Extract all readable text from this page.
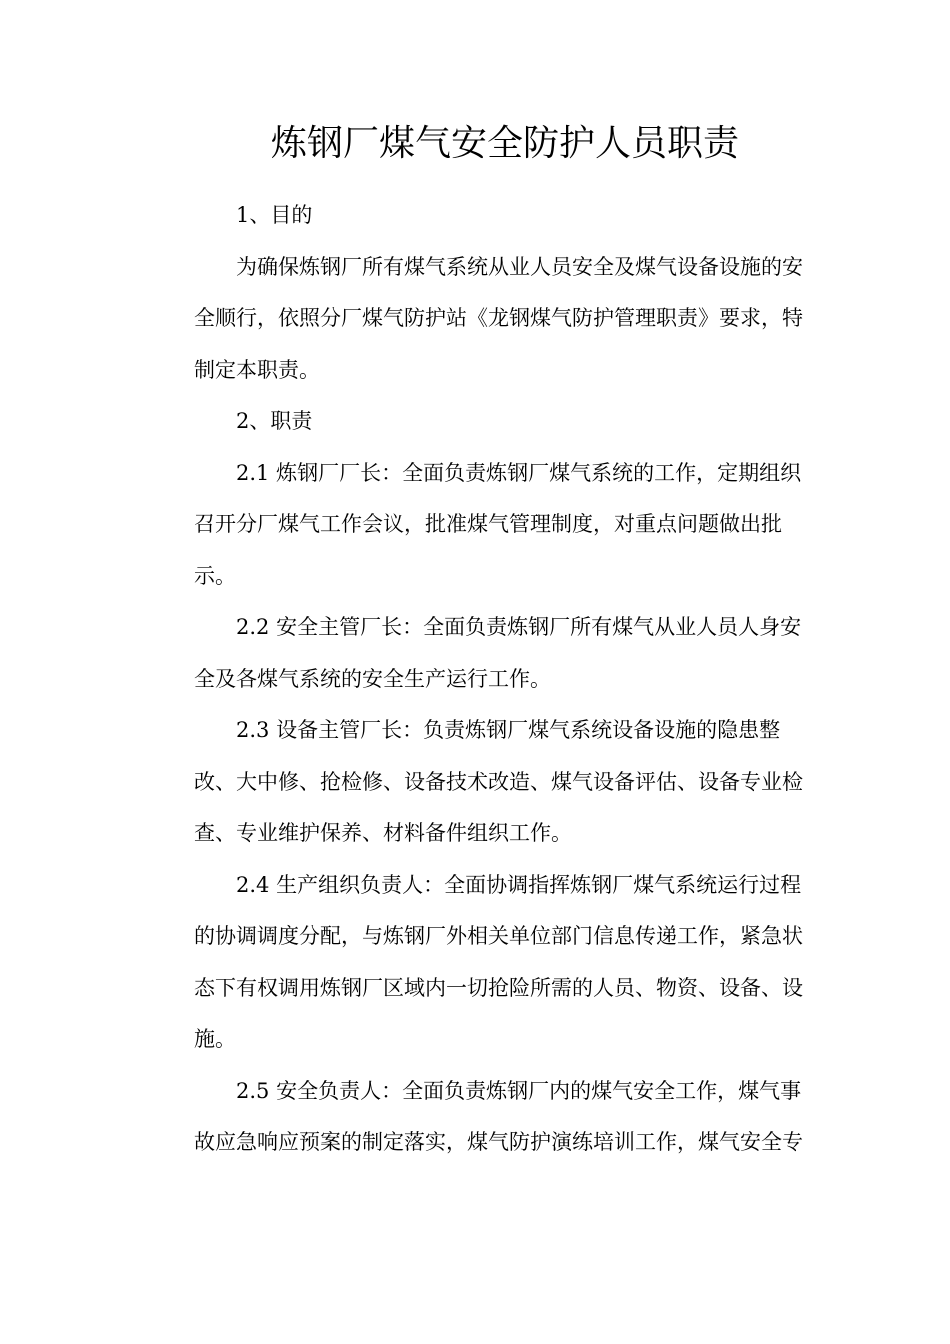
炼钢厂煤气安全防护人员职责
1、目的
为确保炼钢厂所有煤气系统从业人员安全及煤气设备设施的安
全顺行，依照分厂煤气防护站《龙钢煤气防护管理职责》要求，特
制定本职责。
2、职责
2.1 炼钢厂厂长：全面负责炼钢厂煤气系统的工作，定期组织
召开分厂煤气工作会议，批准煤气管理制度，对重点问题做出批
示。
2.2 安全主管厂长：全面负责炼钢厂所有煤气从业人员人身安
全及各煤气系统的安全生产运行工作。
2.3 设备主管厂长：负责炼钢厂煤气系统设备设施的隐患整
改、大中修、抢检修、设备技术改造、煤气设备评估、设备专业检
查、专业维护保养、材料备件组织工作。
2.4 生产组织负责人：全面协调指挥炼钢厂煤气系统运行过程
的协调调度分配，与炼钢厂外相关单位部门信息传递工作，紧急状
态下有权调用炼钢厂区域内一切抢险所需的人员、物资、设备、设
施。
2.5 安全负责人：全面负责炼钢厂内的煤气安全工作，煤气事
故应急响应预案的制定落实，煤气防护演练培训工作，煤气安全专
